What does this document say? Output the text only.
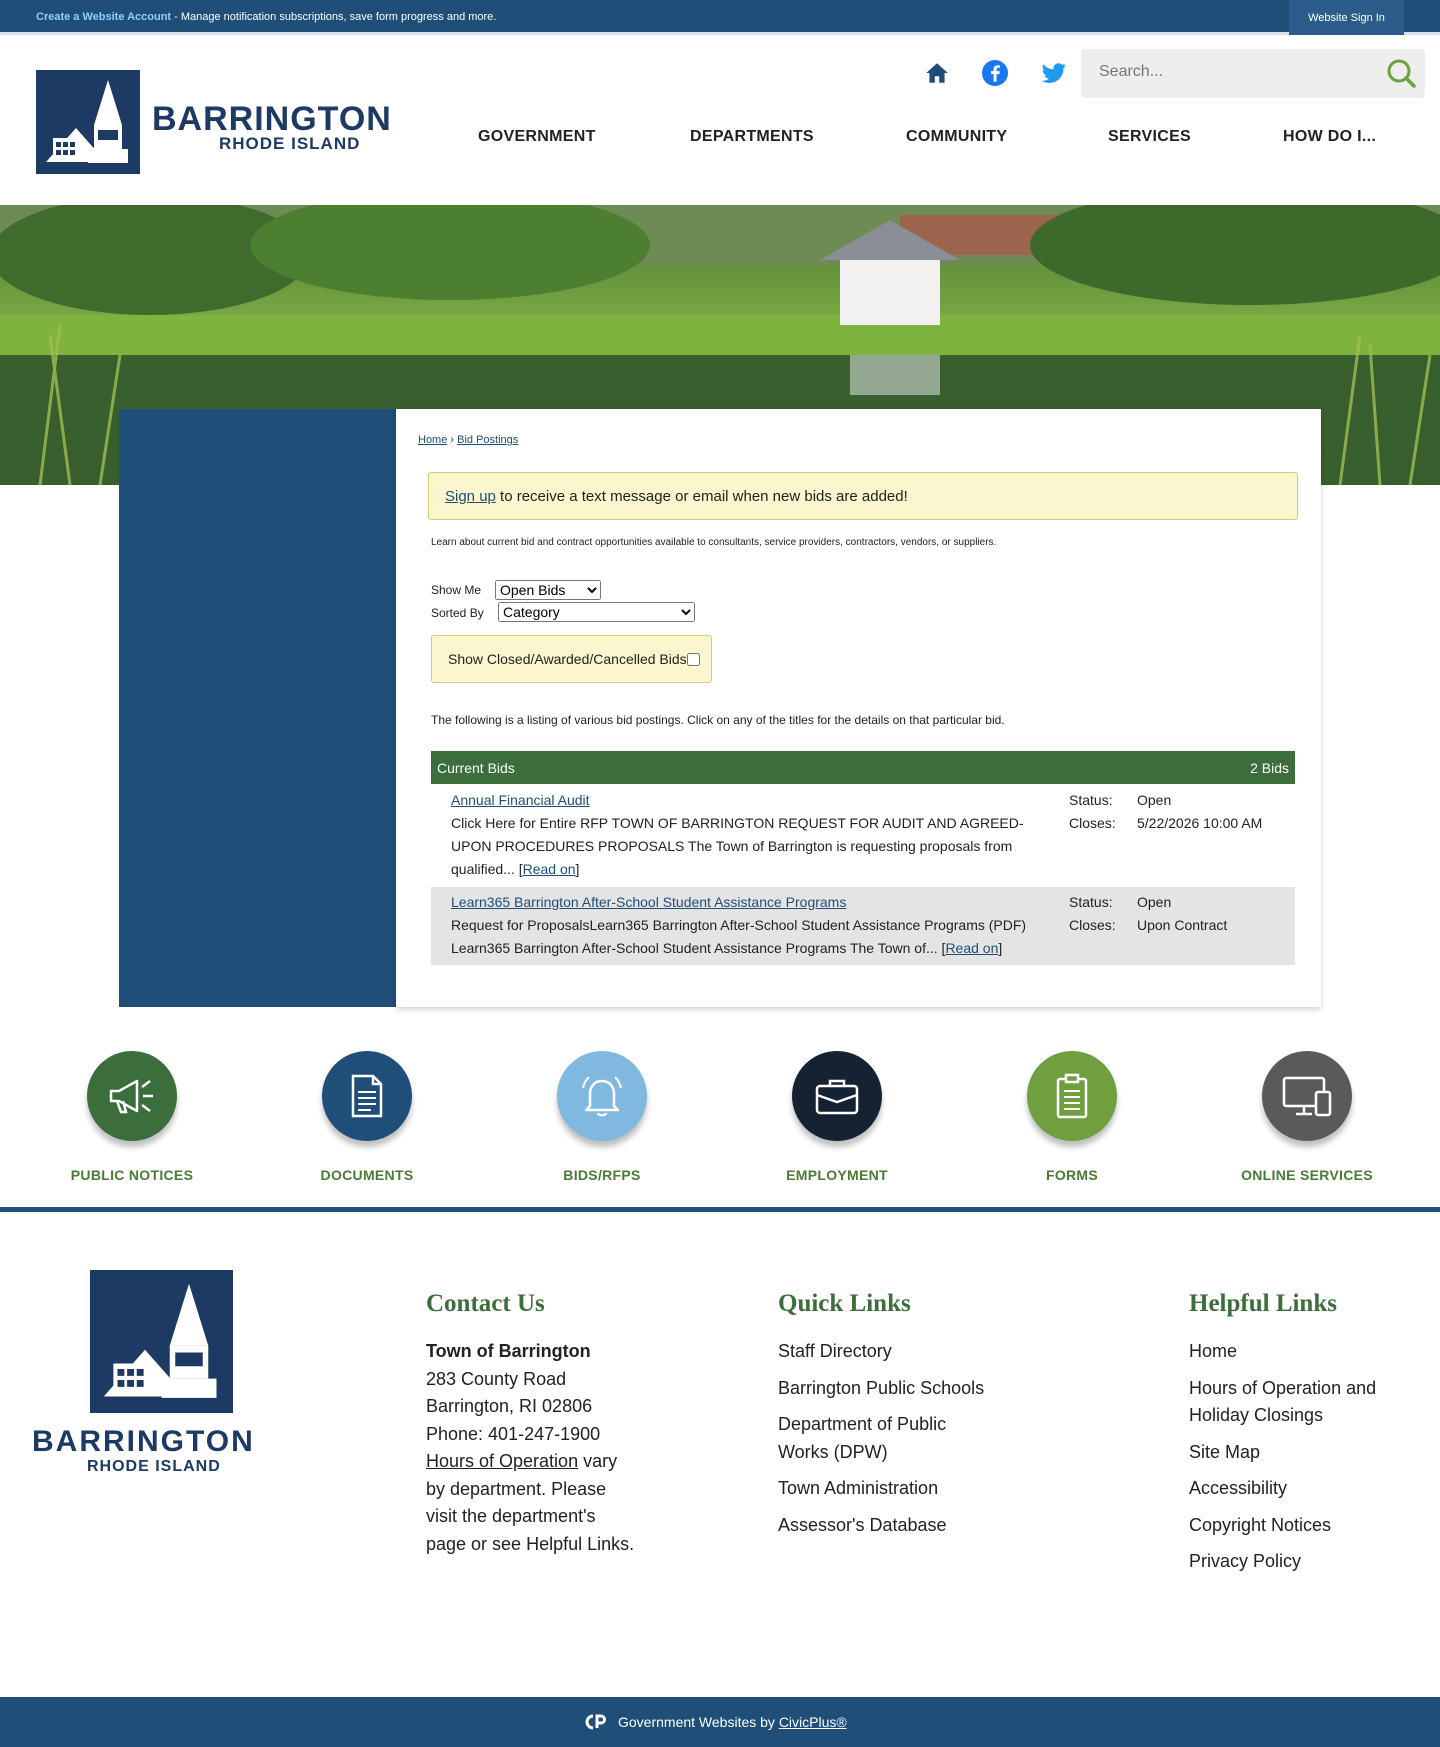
Create a Website Account - Manage notification subscriptions, save form progress and more.	Website Sign In
BARRINGTON
RHODE ISLAND
Search...	GOVERNMENT	DEPARTMENTS	COMMUNITY	SERVICES	HOW DO I...
Home › Bid Postings
Sign up to receive a text message or email when new bids are added!
Learn about current bid and contract opportunities available to consultants, service providers, contractors, vendors, or suppliers.
Show Me
Open Bids
Sorted By
Category
Show Closed/Awarded/Cancelled Bids:
The following is a listing of various bid postings. Click on any of the titles for the details on that particular bid.
Current Bids	2 Bids
Annual Financial Audit
Click Here for Entire RFP TOWN OF BARRINGTON REQUEST FOR AUDIT AND AGREED-UPON PROCEDURES PROPOSALS The Town of Barrington is requesting proposals from qualified... [Read on]
Status: Open
Closes: 5/22/2026 10:00 AM
Learn365 Barrington After-School Student Assistance Programs
Request for ProposalsLearn365 Barrington After-School Student Assistance Programs (PDF) Learn365 Barrington After-School Student Assistance Programs The Town of... [Read on]
Status: Open
Closes: Upon Contract
PUBLIC NOTICES	DOCUMENTS	BIDS/RFPS	EMPLOYMENT	FORMS	ONLINE SERVICES
BARRINGTON
RHODE ISLAND
Contact Us
Town of Barrington
283 County Road
Barrington, RI 02806
Phone: 401-247-1900
Hours of Operation vary
by department. Please
visit the department's
page or see Helpful Links.
Quick Links
Staff Directory
Barrington Public Schools
Department of Public Works (DPW)
Town Administration
Assessor's Database
Helpful Links
Home
Hours of Operation and Holiday Closings
Site Map
Accessibility
Copyright Notices
Privacy Policy
Government Websites by CivicPlus®
